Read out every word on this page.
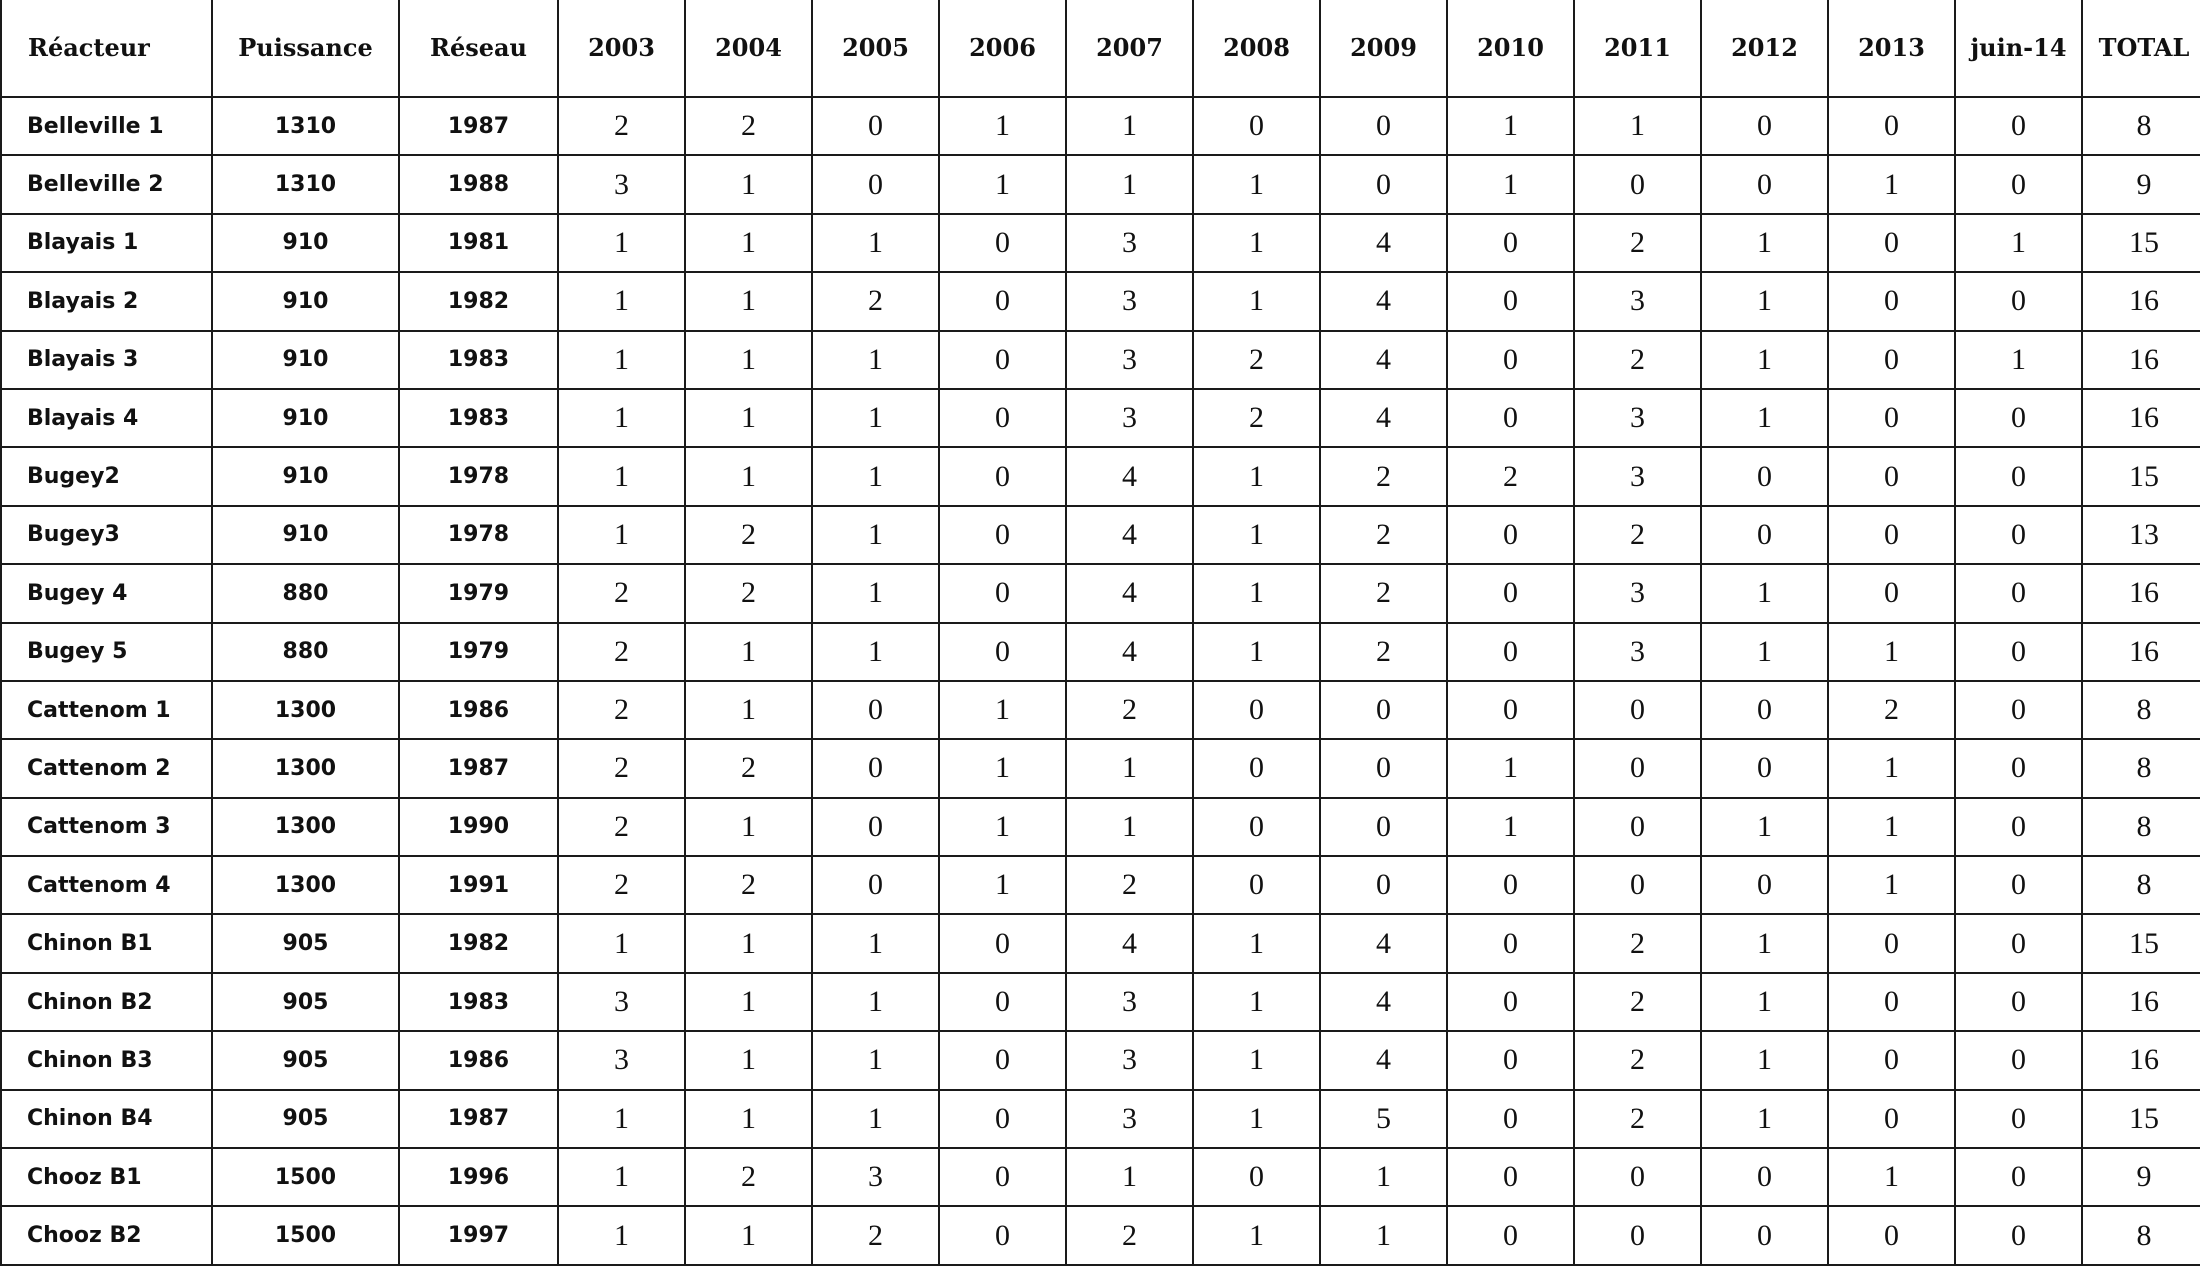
Réacteur	Puissance	Réseau	2003	2004	2005	2006	2007	2008	2009	2010	2011	2012	2013	juin-14	TOTAL
Belleville 1	1310	1987	2	2	0	1	1	0	0	1	1	0	0	0	8
Belleville 2	1310	1988	3	1	0	1	1	1	0	1	0	0	1	0	9
Blayais 1	910	1981	1	1	1	0	3	1	4	0	2	1	0	1	15
Blayais 2	910	1982	1	1	2	0	3	1	4	0	3	1	0	0	16
Blayais 3	910	1983	1	1	1	0	3	2	4	0	2	1	0	1	16
Blayais 4	910	1983	1	1	1	0	3	2	4	0	3	1	0	0	16
Bugey2	910	1978	1	1	1	0	4	1	2	2	3	0	0	0	15
Bugey3	910	1978	1	2	1	0	4	1	2	0	2	0	0	0	13
Bugey 4	880	1979	2	2	1	0	4	1	2	0	3	1	0	0	16
Bugey 5	880	1979	2	1	1	0	4	1	2	0	3	1	1	0	16
Cattenom 1	1300	1986	2	1	0	1	2	0	0	0	0	0	2	0	8
Cattenom 2	1300	1987	2	2	0	1	1	0	0	1	0	0	1	0	8
Cattenom 3	1300	1990	2	1	0	1	1	0	0	1	0	1	1	0	8
Cattenom 4	1300	1991	2	2	0	1	2	0	0	0	0	0	1	0	8
Chinon B1	905	1982	1	1	1	0	4	1	4	0	2	1	0	0	15
Chinon B2	905	1983	3	1	1	0	3	1	4	0	2	1	0	0	16
Chinon B3	905	1986	3	1	1	0	3	1	4	0	2	1	0	0	16
Chinon B4	905	1987	1	1	1	0	3	1	5	0	2	1	0	0	15
Chooz B1	1500	1996	1	2	3	0	1	0	1	0	0	0	1	0	9
Chooz B2	1500	1997	1	1	2	0	2	1	1	0	0	0	0	0	8
